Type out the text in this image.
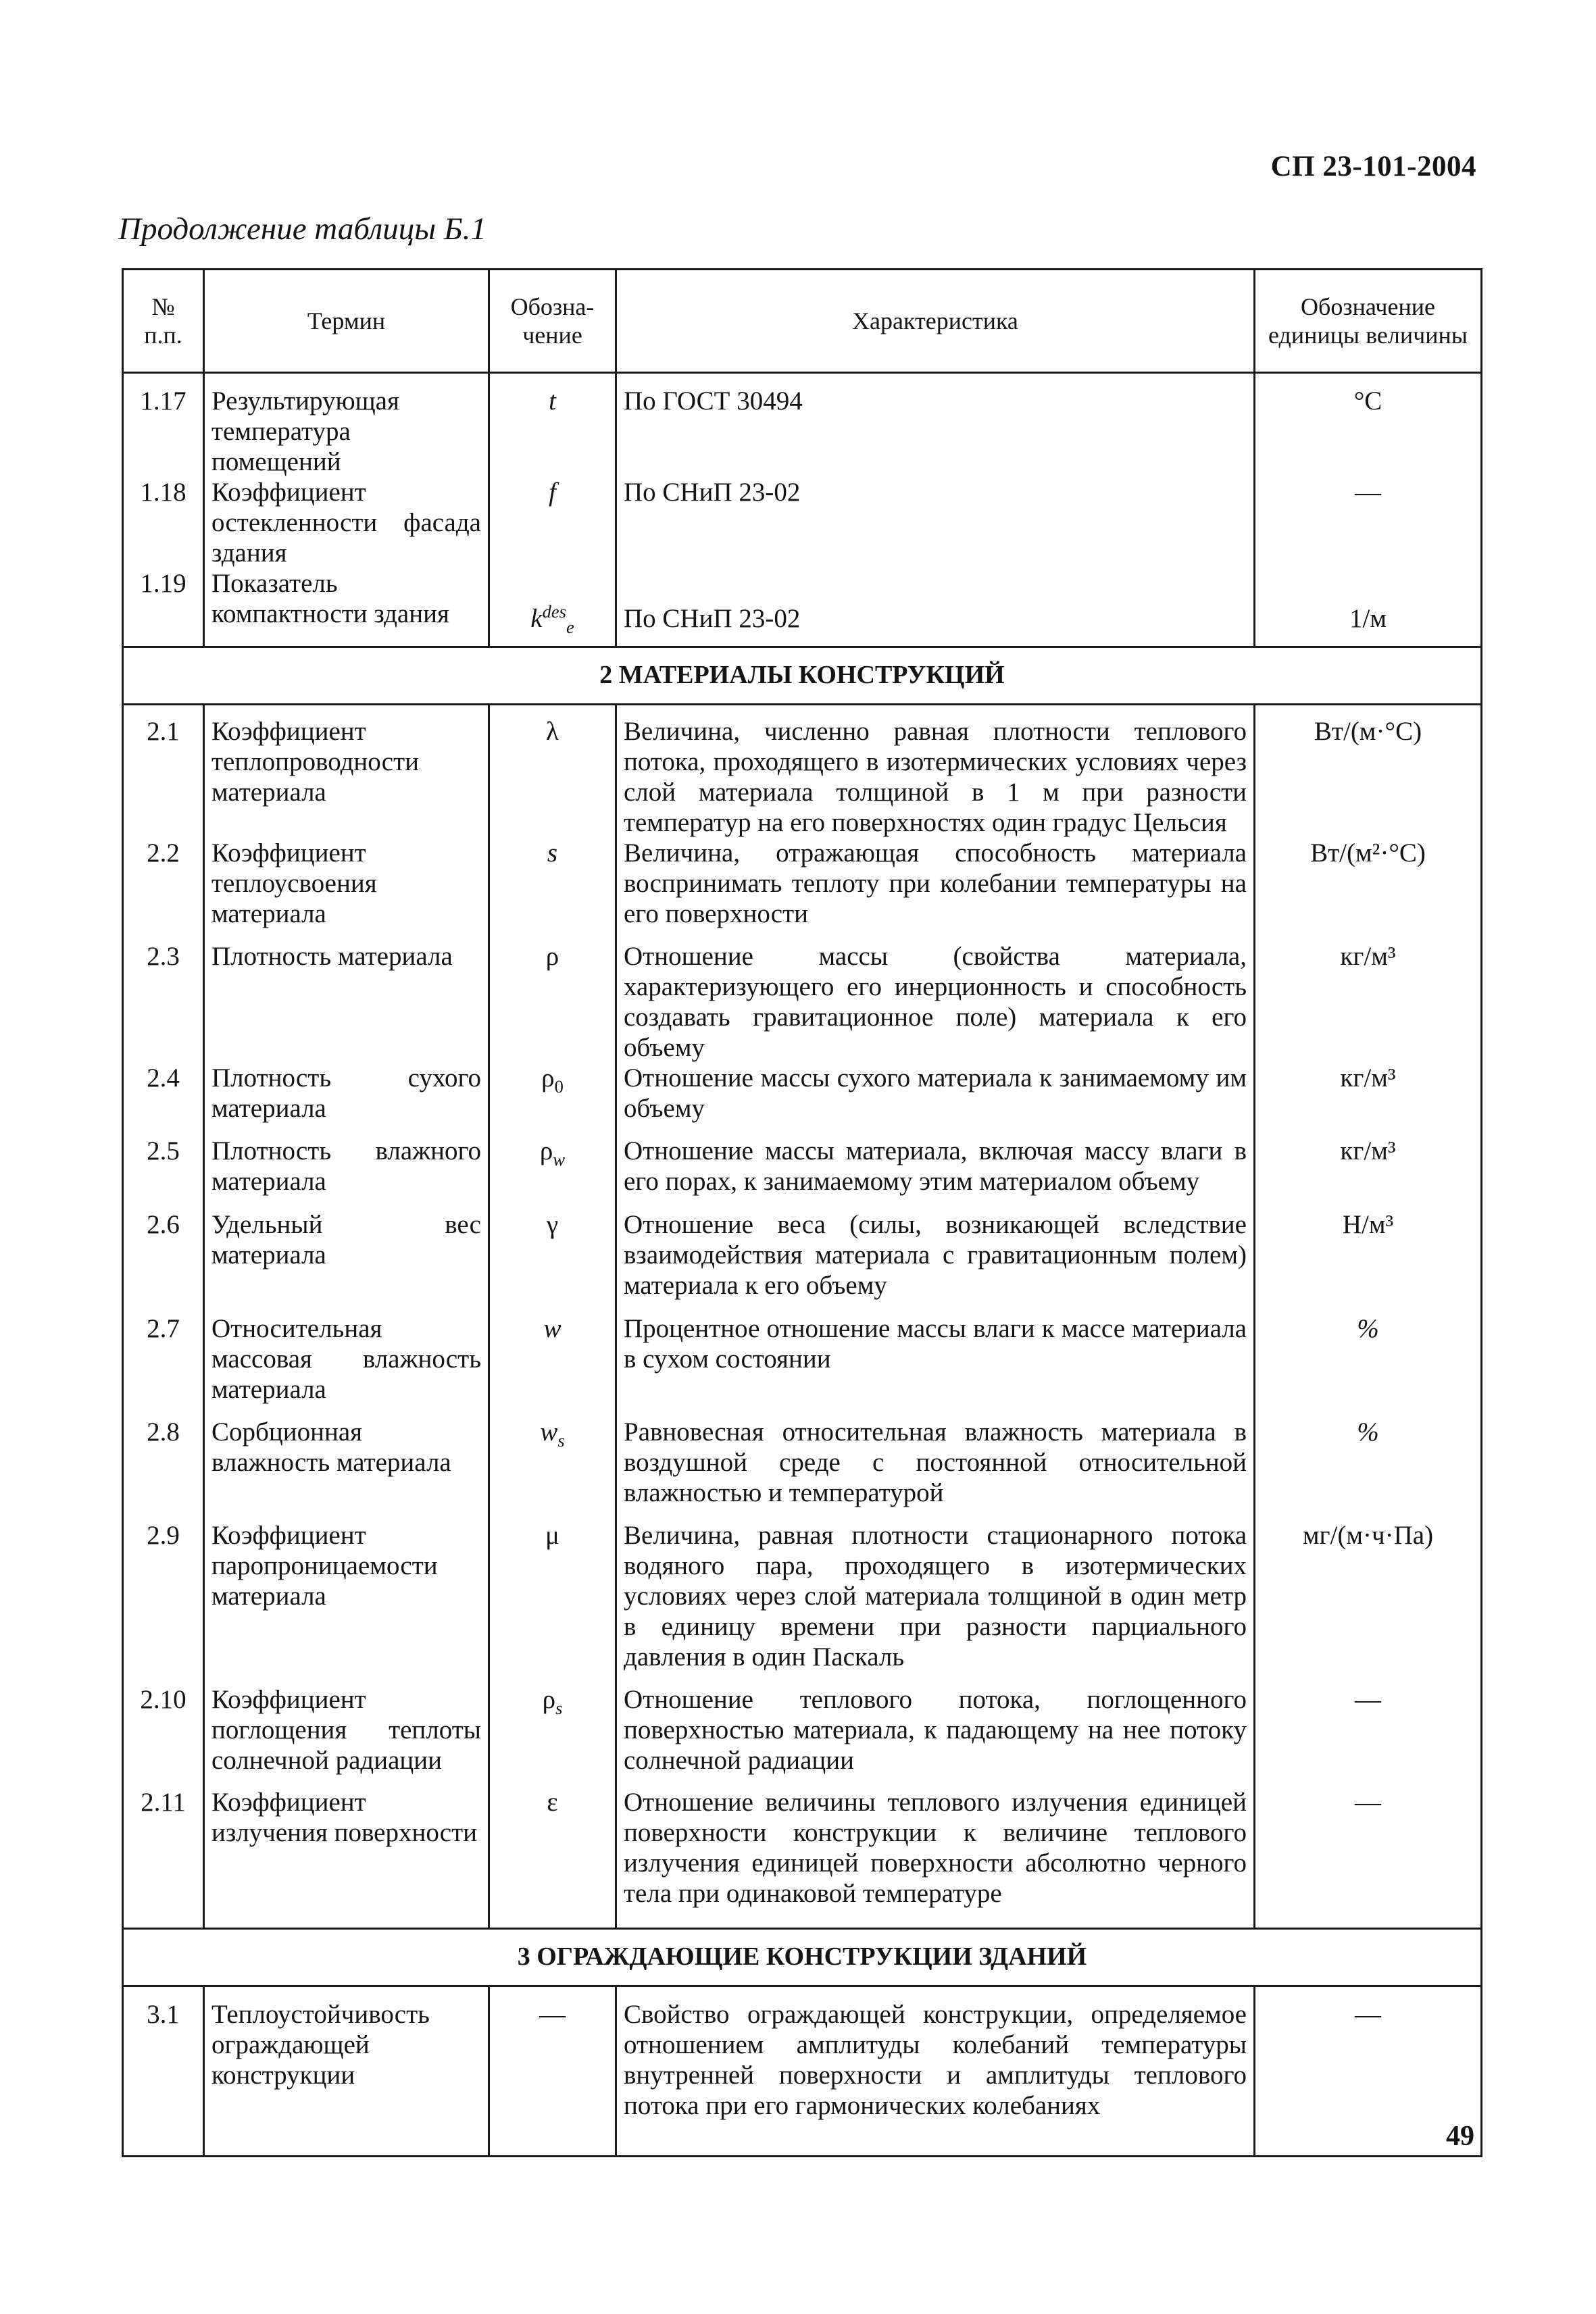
СП 23-101-2004
Продолжение таблицы Б.1
№ п.п.	Термин	Обозна- чение	Характеристика	Обозначение единицы величины
1.17	Результирующая температура помещений	t	По ГОСТ 30494	°С
1.18	Коэффициент остекленности фасада здания	f	По СНиП 23-02	—
1.19	Показатель компактности здания	$k^{des}_e$	По СНиП 23-02	1/м
2 МАТЕРИАЛЫ КОНСТРУКЦИЙ				
2.1	Коэффициент теплопроводности материала	λ	Величина, численно равная плотности теплового потока, проходящего в изотермических условиях через слой материала толщиной в 1 м при разности температур на его поверхностях один градус Цельсия	Вт/(м·°С)
2.2	Коэффициент теплоусвоения материала	s	Величина, отражающая способность материала воспринимать теплоту при колебании температуры на его поверхности	Вт/(м²·°С)
2.3	Плотность материала	ρ	Отношение массы (свойства материала, характеризующего его инерционность и способность создавать гравитационное поле) материала к его объему	кг/м³
2.4	Плотность сухого материала	$\rho_0$	Отношение массы сухого материала к занимаемому им объему	кг/м³
2.5	Плотность влажного материала	$\rho_w$	Отношение массы материала, включая массу влаги в его порах, к занимаемому этим материалом объему	кг/м³
2.6	Удельный вес материала	γ	Отношение веса (силы, возникающей вследствие взаимодействия материала с гравитационным полем) материала к его объему	Н/м³
2.7	Относительная массовая влажность материала	w	Процентное отношение массы влаги к массе материала в сухом состоянии	%
2.8	Сорбционная влажность материала	$w_s$	Равновесная относительная влажность материала в воздушной среде с постоянной относительной влажностью и температурой	%
2.9	Коэффициент паропроницаемости материала	μ	Величина, равная плотности стационарного потока водяного пара, проходящего в изотермических условиях через слой материала толщиной в один метр в единицу времени при разности парциального давления в один Паскаль	мг/(м·ч·Па)
2.10	Коэффициент поглощения теплоты солнечной радиации	$\rho_s$	Отношение теплового потока, поглощенного поверхностью материала, к падающему на нее потоку солнечной радиации	—
2.11	Коэффициент излучения поверхности	ε	Отношение величины теплового излучения единицей поверхности конструкции к величине теплового излучения единицей поверхности абсолютно черного тела при одинаковой температуре	—
3 ОГРАЖДАЮЩИЕ КОНСТРУКЦИИ ЗДАНИЙ				
3.1	Теплоустойчивость ограждающей конструкции	—	Свойство ограждающей конструкции, определяемое отношением амплитуды колебаний температуры внутренней поверхности и амплитуды теплового потока при его гармонических колебаниях	—
49
